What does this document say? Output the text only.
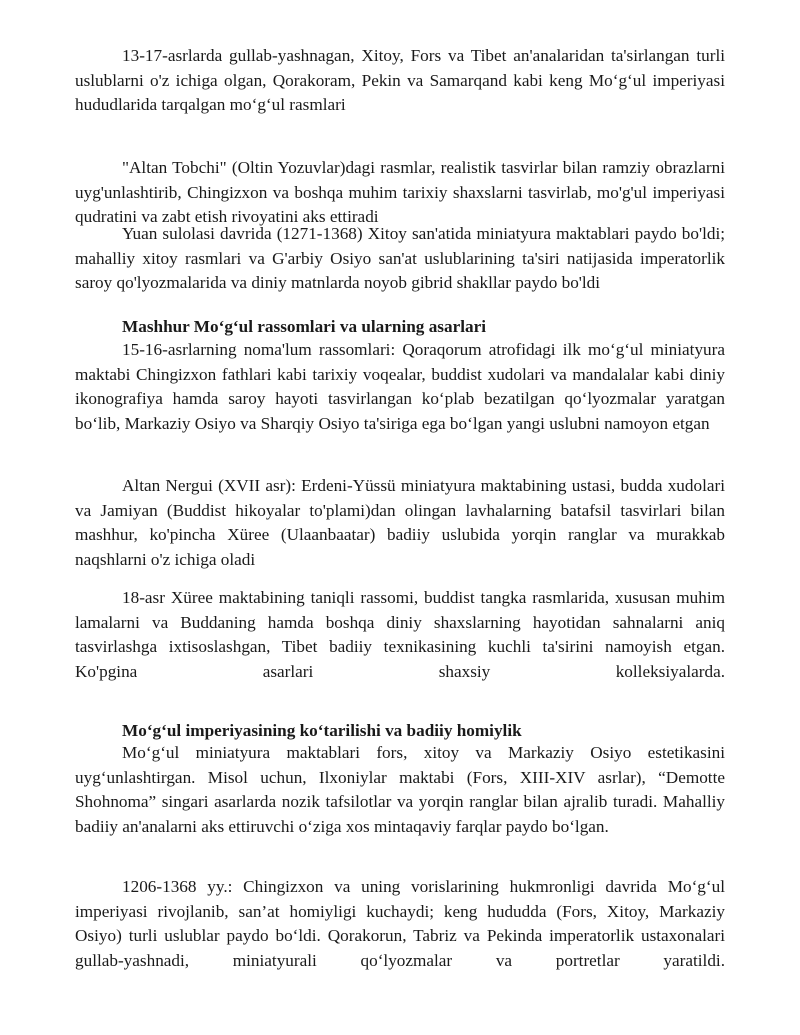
13-17-asrlarda gullab-yashnagan, Xitoy, Fors va Tibet an'analaridan ta'sirlangan turli uslublarni o'z ichiga olgan, Qorakoram, Pekin va Samarqand kabi keng Mo‘g‘ul imperiyasi hududlarida tarqalgan mo‘g‘ul rasmlari

"Altan Tobchi" (Oltin Yozuvlar)dagi rasmlar, realistik tasvirlar bilan ramziy obrazlarni uyg'unlashtirib, Chingizxon va boshqa muhim tarixiy shaxslarni tasvirlab, mo'g'ul imperiyasi qudratini va zabt etish rivoyatini aks ettiradi

Yuan sulolasi davrida (1271-1368) Xitoy san'atida miniatyura maktablari paydo bo'ldi; mahalliy xitoy rasmlari va G'arbiy Osiyo san'at uslublarining ta'siri natijasida imperatorlik saroy qo'lyozmalarida va diniy matnlarda noyob gibrid shakllar paydo bo'ldi

Mashhur Mo‘g‘ul rassomlari va ularning asarlari

15-16-asrlarning noma'lum rassomlari: Qoraqorum atrofidagi ilk mo‘g‘ul miniatyura maktabi Chingizxon fathlari kabi tarixiy voqealar, buddist xudolari va mandalalar kabi diniy ikonografiya hamda saroy hayoti tasvirlangan ko‘plab bezatilgan qo‘lyozmalar yaratgan bo‘lib, Markaziy Osiyo va Sharqiy Osiyo ta'siriga ega bo‘lgan yangi uslubni namoyon etgan

Altan Nergui (XVII asr): Erdeni-Yüssü miniatyura maktabining ustasi, budda xudolari va Jamiyan (Buddist hikoyalar to'plami)dan olingan lavhalarning batafsil tasvirlari bilan mashhur, ko'pincha Xüree (Ulaanbaatar) badiiy uslubida yorqin ranglar va murakkab naqshlarni o'z ichiga oladi

18-asr Xüree maktabining taniqli rassomi, buddist tangka rasmlarida, xususan muhim lamalarni va Buddaning hamda boshqa diniy shaxslarning hayotidan sahnalarni aniq tasvirlashga ixtisoslashgan, Tibet badiiy texnikasining kuchli ta'sirini namoyish etgan. Ko'pgina asarlari shaxsiy kolleksiyalarda.

Mo‘g‘ul imperiyasining ko‘tarilishi va badiiy homiylik

Mo‘g‘ul miniatyura maktablari fors, xitoy va Markaziy Osiyo estetikasini uyg‘unlashtirgan. Misol uchun, Ilxoniylar maktabi (Fors, XIII-XIV asrlar), “Demotte Shohnoma” singari asarlarda nozik tafsilotlar va yorqin ranglar bilan ajralib turadi. Mahalliy badiiy an'analarni aks ettiruvchi o‘ziga xos mintaqaviy farqlar paydo bo‘lgan.

1206-1368 yy.: Chingizxon va uning vorislarining hukmronligi davrida Mo‘g‘ul imperiyasi rivojlanib, san’at homiyligi kuchaydi; keng hududda (Fors, Xitoy, Markaziy Osiyo) turli uslublar paydo bo‘ldi. Qorakorun, Tabriz va Pekinda imperatorlik ustaxonalari gullab-yashnadi, miniatyurali qo‘lyozmalar va portretlar yaratildi.
